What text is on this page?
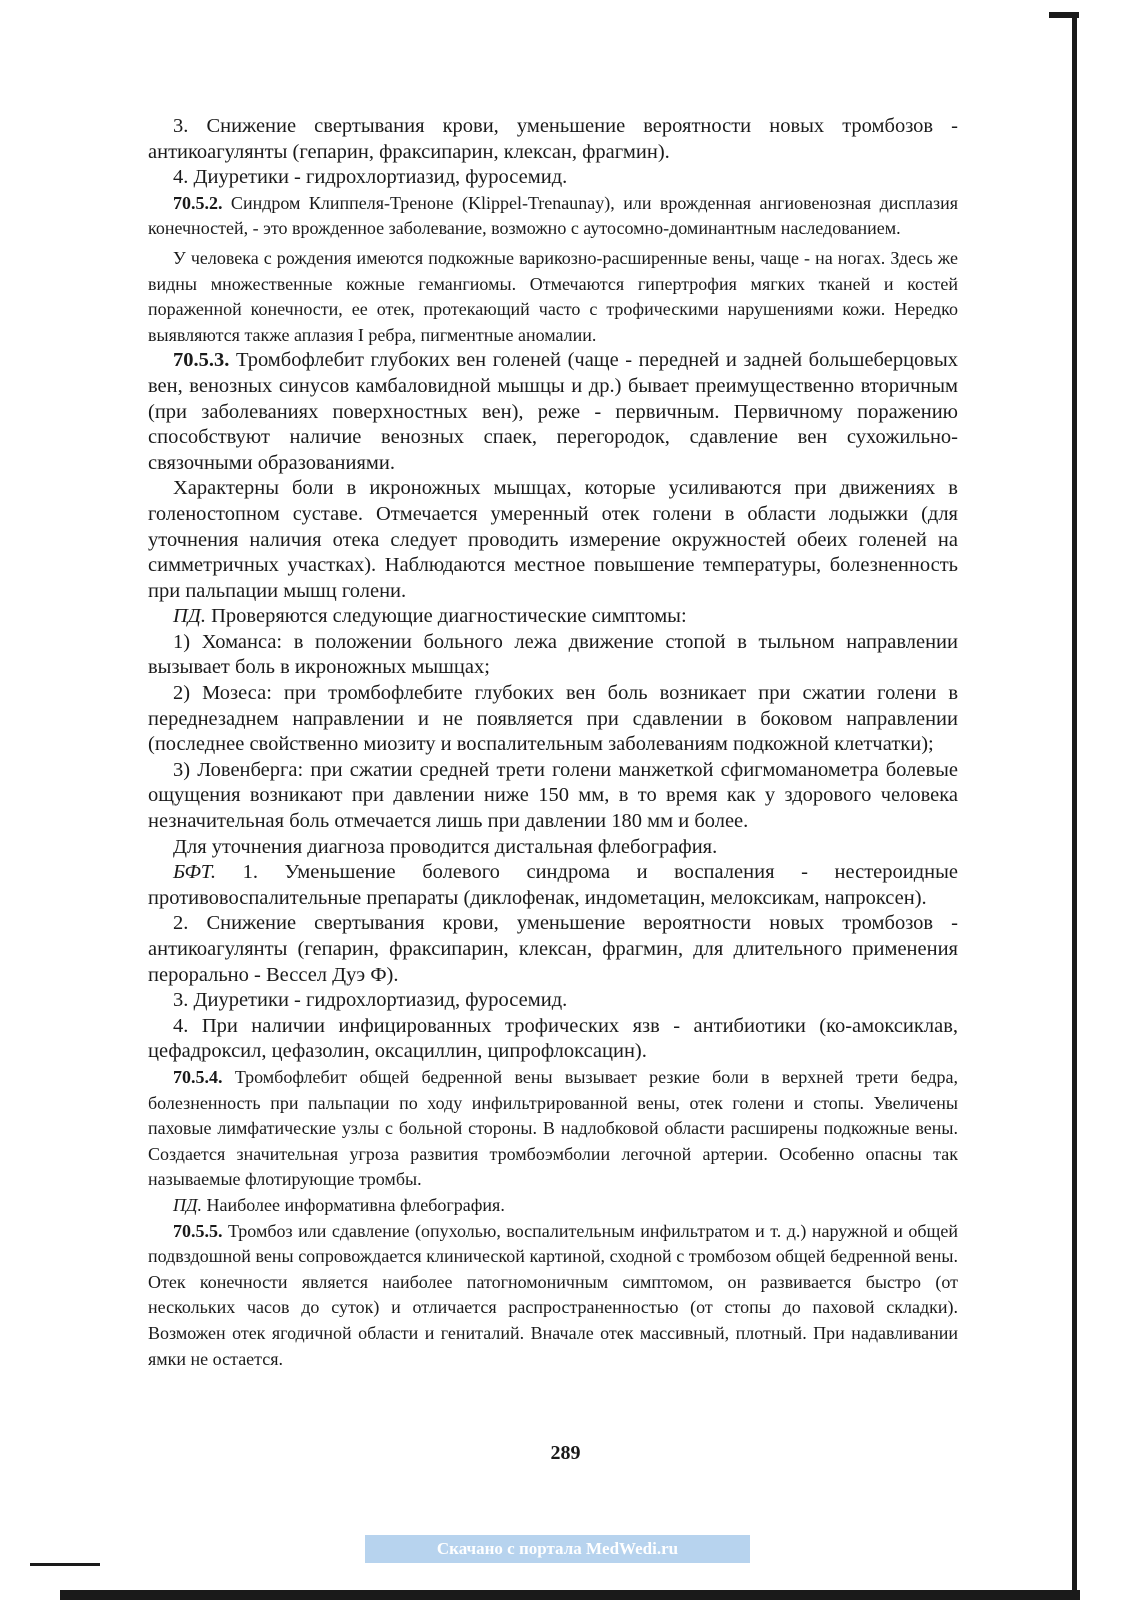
3. Снижение свертывания крови, уменьшение вероятности новых тромбозов - антикоагулянты (гепарин, фраксипарин, клексан, фрагмин).

4. Диуретики - гидрохлортиазид, фуросемид.

70.5.2. Синдром Клиппеля-Треноне (Klippel-Trenaunay), или врожденная ангиовенозная дисплазия конечностей, - это врожденное заболевание, возможно с аутосомно-доминантным наследованием.

У человека с рождения имеются подкожные варикозно-расширенные вены, чаще - на ногах. Здесь же видны множественные кожные гемангиомы. Отмечаются гипертрофия мягких тканей и костей пораженной конечности, ее отек, протекающий часто с трофическими нарушениями кожи. Нередко выявляются также аплазия I ребра, пигментные аномалии.

70.5.3. Тромбофлебит глубоких вен голеней (чаще - передней и задней большеберцовых вен, венозных синусов камбаловидной мышцы и др.) бывает преимущественно вторичным (при заболеваниях поверхностных вен), реже - первичным. Первичному поражению способствуют наличие венозных спаек, перегородок, сдавление вен сухожильно-связочными образованиями.

Характерны боли в икроножных мышцах, которые усиливаются при движениях в голеностопном суставе. Отмечается умеренный отек голени в области лодыжки (для уточнения наличия отека следует проводить измерение окружностей обеих голеней на симметричных участках). Наблюдаются местное повышение температуры, болезненность при пальпации мышц голени.

ПД. Проверяются следующие диагностические симптомы:

1) Хоманса: в положении больного лежа движение стопой в тыльном направлении вызывает боль в икроножных мышцах;

2) Мозеса: при тромбофлебите глубоких вен боль возникает при сжатии голени в переднезаднем направлении и не появляется при сдавлении в боковом направлении (последнее свойственно миозиту и воспалительным заболеваниям подкожной клетчатки);

3) Ловенберга: при сжатии средней трети голени манжеткой сфигмоманометра болевые ощущения возникают при давлении ниже 150 мм, в то время как у здорового человека незначительная боль отмечается лишь при давлении 180 мм и более.

Для уточнения диагноза проводится дистальная флебография.

БФТ. 1. Уменьшение болевого синдрома и воспаления - нестероидные противовоспалительные препараты (диклофенак, индометацин, мелоксикам, напроксен).

2. Снижение свертывания крови, уменьшение вероятности новых тромбозов - антикоагулянты (гепарин, фраксипарин, клексан, фрагмин, для длительного применения перорально - Вессел Дуэ Ф).

3. Диуретики - гидрохлортиазид, фуросемид.

4. При наличии инфицированных трофических язв - антибиотики (ко-амоксиклав, цефадроксил, цефазолин, оксациллин, ципрофлоксацин).

70.5.4. Тромбофлебит общей бедренной вены вызывает резкие боли в верхней трети бедра, болезненность при пальпации по ходу инфильтрированной вены, отек голени и стопы. Увеличены паховые лимфатические узлы с больной стороны. В надлобковой области расширены подкожные вены. Создается значительная угроза развития тромбоэмболии легочной артерии. Особенно опасны так называемые флотирующие тромбы.

ПД. Наиболее информативна флебография.

70.5.5. Тромбоз или сдавление (опухолью, воспалительным инфильтратом и т. д.) наружной и общей подвздошной вены сопровождается клинической картиной, сходной с тромбозом общей бедренной вены. Отек конечности является наиболее патогномоничным симптомом, он развивается быстро (от нескольких часов до суток) и отличается распространенностью (от стопы до паховой складки). Возможен отек ягодичной области и гениталий. Вначале отек массивный, плотный. При надавливании ямки не остается.

289
Скачано с портала MedWedi.ru
